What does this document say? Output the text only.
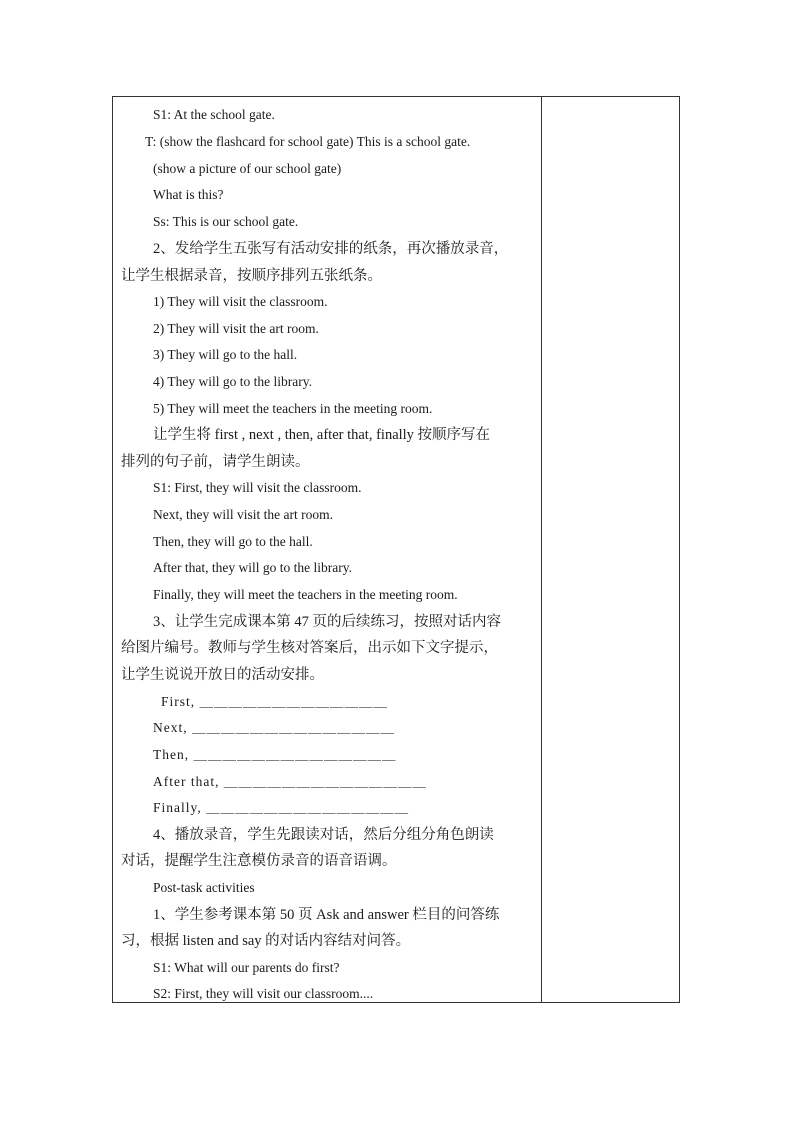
S1: At the school gate.
T: (show the flashcard for school gate) This is a school gate.
(show a picture of our school gate)
What is this?
Ss: This is our school gate.
2、发给学生五张写有活动安排的纸条，再次播放录音，
让学生根据录音，按顺序排列五张纸条。
1) They will visit the classroom.
2) They will visit the art room.
3) They will go to the hall.
4) They will go to the library.
5) They will meet the teachers in the meeting room.
让学生将 first , next , then, after that, finally 按顺序写在
排列的句子前，请学生朗读。
S1: First, they will visit the classroom.
Next, they will visit the art room.
Then, they will go to the hall.
After that, they will go to the library.
Finally, they will meet the teachers in the meeting room.
3、让学生完成课本第 47 页的后续练习，按照对话内容
给图片编号。教师与学生核对答案后，出示如下文字提示，
让学生说说开放日的活动安排。
First, ＿＿＿＿＿＿＿＿＿＿＿＿＿
Next, ＿＿＿＿＿＿＿＿＿＿＿＿＿＿
Then, ＿＿＿＿＿＿＿＿＿＿＿＿＿＿
After that, ＿＿＿＿＿＿＿＿＿＿＿＿＿＿
Finally, ＿＿＿＿＿＿＿＿＿＿＿＿＿＿
4、播放录音，学生先跟读对话，然后分组分角色朗读
对话，提醒学生注意模仿录音的语音语调。
Post-task activities
1、学生参考课本第 50 页 Ask and answer 栏目的问答练
习，根据 listen and say 的对话内容结对问答。
S1: What will our parents do first?
S2: First, they will visit our classroom....
